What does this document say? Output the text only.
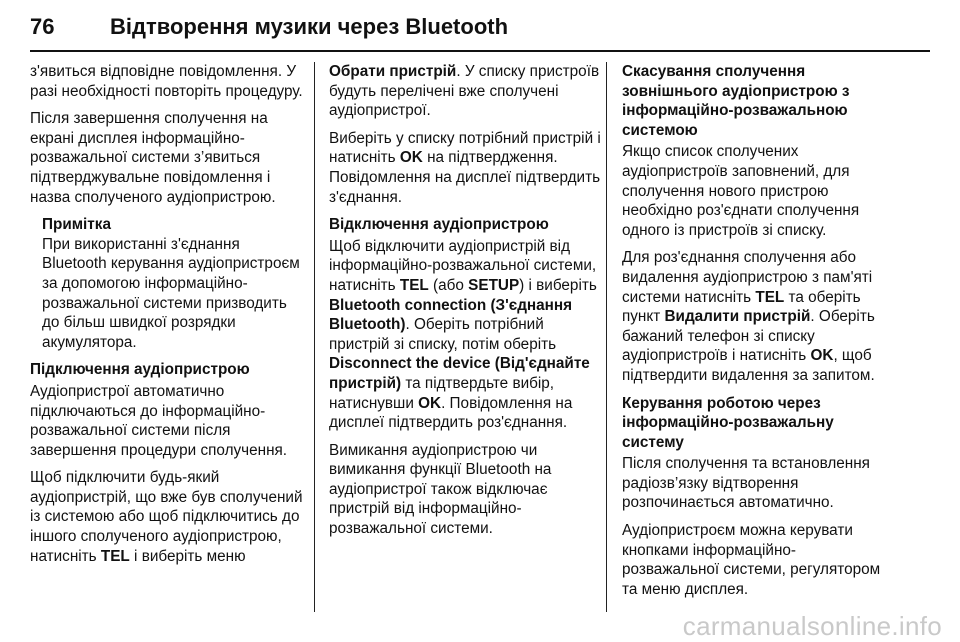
76	Відтворення музики через Bluetooth

з'явиться відповідне повідомлення. У разі необхідності повторіть процедуру.

Після завершення сполучення на екрані дисплея інформаційно-розважальної системи з’явиться підтверджувальне повідомлення і назва сполученого аудіопристрою.

Примітка
При використанні з'єднання Bluetooth керування аудіопристроєм за допомогою інформаційно-розважальної системи призводить до більш швидкої розрядки акумулятора.
Підключення аудіопристрою

Аудіопристрої автоматично підключаються до інформаційно-розважальної системи після завершення процедури сполучення.

Щоб підключити будь-який аудіопристрій, що вже був сполучений із системою або щоб підключитись до іншого сполученого аудіопристрою, натисніть TEL і виберіть меню

Обрати пристрій. У списку пристроїв будуть перелічені вже сполучені аудіопристрої.

Виберіть у списку потрібний пристрій і натисніть OK на підтвердження. Повідомлення на дисплеї підтвердить з'єднання.

Відключення аудіопристрою

Щоб відключити аудіопристрій від інформаційно-розважальної системи, натисніть TEL (або SETUP) і виберіть Bluetooth connection (З'єднання Bluetooth). Оберіть потрібний пристрій зі списку, потім оберіть Disconnect the device (Від'єднайте пристрій) та підтвердьте вибір, натиснувши OK. Повідомлення на дисплеї підтвердить роз'єднання.

Вимикання аудіопристрою чи вимикання функції Bluetooth на аудіопристрої також відключає пристрій від інформаційно-розважальної системи.

Скасування сполучення зовнішнього аудіопристрою з інформаційно-розважальною системою

Якщо список сполучених аудіопристроїв заповнений, для сполучення нового пристрою необхідно роз'єднати сполучення одного із пристроїв зі списку.

Для роз'єднання сполучення або видалення аудіопристрою з пам'яті системи натисніть TEL та оберіть пункт Видалити пристрій. Оберіть бажаний телефон зі списку аудіопристроїв і натисніть OK, щоб підтвердити видалення за запитом.

Керування роботою через інформаційно-розважальну систему

Після сполучення та встановлення радіозв’язку відтворення розпочинається автоматично.

Аудіопристроєм можна керувати кнопками інформаційно-розважальної системи, регулятором та меню дисплея.

carmanualsonline.info
